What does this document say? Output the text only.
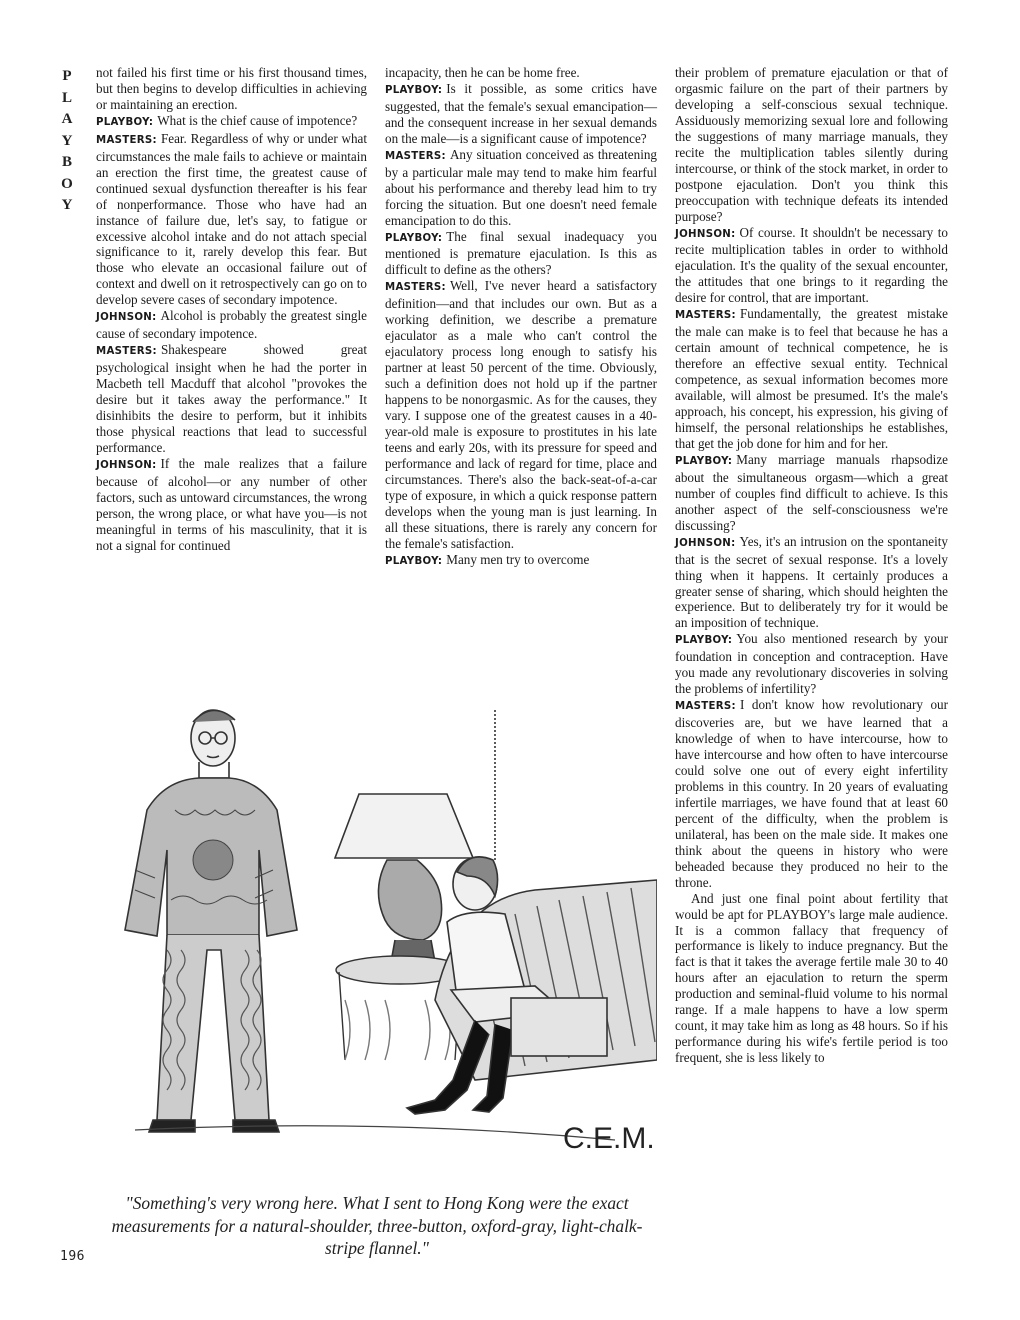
P
L
A
Y
B
O
Y

not failed his first time or his first thousand times, but then begins to develop difficulties in achieving or maintaining an erection.

PLAYBOY: What is the chief cause of impotence?

MASTERS: Fear. Regardless of why or under what circumstances the male fails to achieve or maintain an erection the first time, the greatest cause of continued sexual dysfunction thereafter is his fear of nonperformance. Those who have had an instance of failure due, let's say, to fatigue or excessive alcohol intake and do not attach special significance to it, rarely develop this fear. But those who elevate an occasional failure out of context and dwell on it retrospectively can go on to develop severe cases of secondary impotence.

JOHNSON: Alcohol is probably the greatest single cause of secondary impotence.

MASTERS: Shakespeare showed great psychological insight when he had the porter in Macbeth tell Macduff that alcohol "provokes the desire but it takes away the performance." It disinhibits the desire to perform, but it inhibits those physical reactions that lead to successful performance.

JOHNSON: If the male realizes that a failure because of alcohol—or any number of other factors, such as untoward circumstances, the wrong person, the wrong place, or what have you—is not meaningful in terms of his masculinity, that it is not a signal for continued

incapacity, then he can be home free.

PLAYBOY: Is it possible, as some critics have suggested, that the female's sexual emancipation—and the consequent increase in her sexual demands on the male—is a significant cause of impotence?

MASTERS: Any situation conceived as threatening by a particular male may tend to make him fearful about his performance and thereby lead him to try forcing the situation. But one doesn't need female emancipation to do this.

PLAYBOY: The final sexual inadequacy you mentioned is premature ejaculation. Is this as difficult to define as the others?

MASTERS: Well, I've never heard a satisfactory definition—and that includes our own. But as a working definition, we describe a premature ejaculator as a male who can't control the ejaculatory process long enough to satisfy his partner at least 50 percent of the time. Obviously, such a definition does not hold up if the partner happens to be nonorgasmic. As for the causes, they vary. I suppose one of the greatest causes in a 40-year-old male is exposure to prostitutes in his late teens and early 20s, with its pressure for speed and performance and lack of regard for time, place and circumstances. There's also the back-seat-of-a-car type of exposure, in which a quick response pattern develops when the young man is just learning. In all these situations, there is rarely any concern for the female's satisfaction.

PLAYBOY: Many men try to overcome

their problem of premature ejaculation or that of orgasmic failure on the part of their partners by developing a self-conscious sexual technique. Assiduously memorizing sexual lore and following the suggestions of many marriage manuals, they recite the multiplication tables silently during intercourse, or think of the stock market, in order to postpone ejaculation. Don't you think this preoccupation with technique defeats its intended purpose?

JOHNSON: Of course. It shouldn't be necessary to recite multiplication tables in order to withhold ejaculation. It's the quality of the sexual encounter, the attitudes that one brings to it regarding the desire for control, that are important.

MASTERS: Fundamentally, the greatest mistake the male can make is to feel that because he has a certain amount of technical competence, he is therefore an effective sexual entity. Technical competence, as sexual information becomes more available, will almost be presumed. It's the male's approach, his concept, his expression, his giving of himself, the personal relationships he establishes, that get the job done for him and for her.

PLAYBOY: Many marriage manuals rhapsodize about the simultaneous orgasm—which a great number of couples find difficult to achieve. Is this another aspect of the self-consciousness we're discussing?

JOHNSON: Yes, it's an intrusion on the spontaneity that is the secret of sexual response. It's a lovely thing when it happens. It certainly produces a greater sense of sharing, which should heighten the experience. But to deliberately try for it would be an imposition of technique.

PLAYBOY: You also mentioned research by your foundation in conception and contraception. Have you made any revolutionary discoveries in solving the problems of infertility?

MASTERS: I don't know how revolutionary our discoveries are, but we have learned that a knowledge of when to have intercourse, how to have intercourse and how often to have intercourse could solve one out of every eight infertility problems in this country. In 20 years of evaluating infertile marriages, we have found that at least 60 percent of the difficulty, when the problem is unilateral, has been on the male side. It makes one think about the queens in history who were beheaded because they produced no heir to the throne.

And just one final point about fertility that would be apt for PLAYBOY's large male audience. It is a common fallacy that frequency of performance is likely to induce pregnancy. But the fact is that it takes the average fertile male 30 to 40 hours after an ejaculation to return the sperm production and seminal-fluid volume to his normal range. If a male happens to have a low sperm count, it may take him as long as 48 hours. So if his performance during his wife's fertile period is too frequent, she is less likely to

C.E.M.
"Something's very wrong here. What I sent to Hong Kong were the exact measurements for a natural-shoulder, three-button, oxford-gray, light-chalk-stripe flannel."
196
